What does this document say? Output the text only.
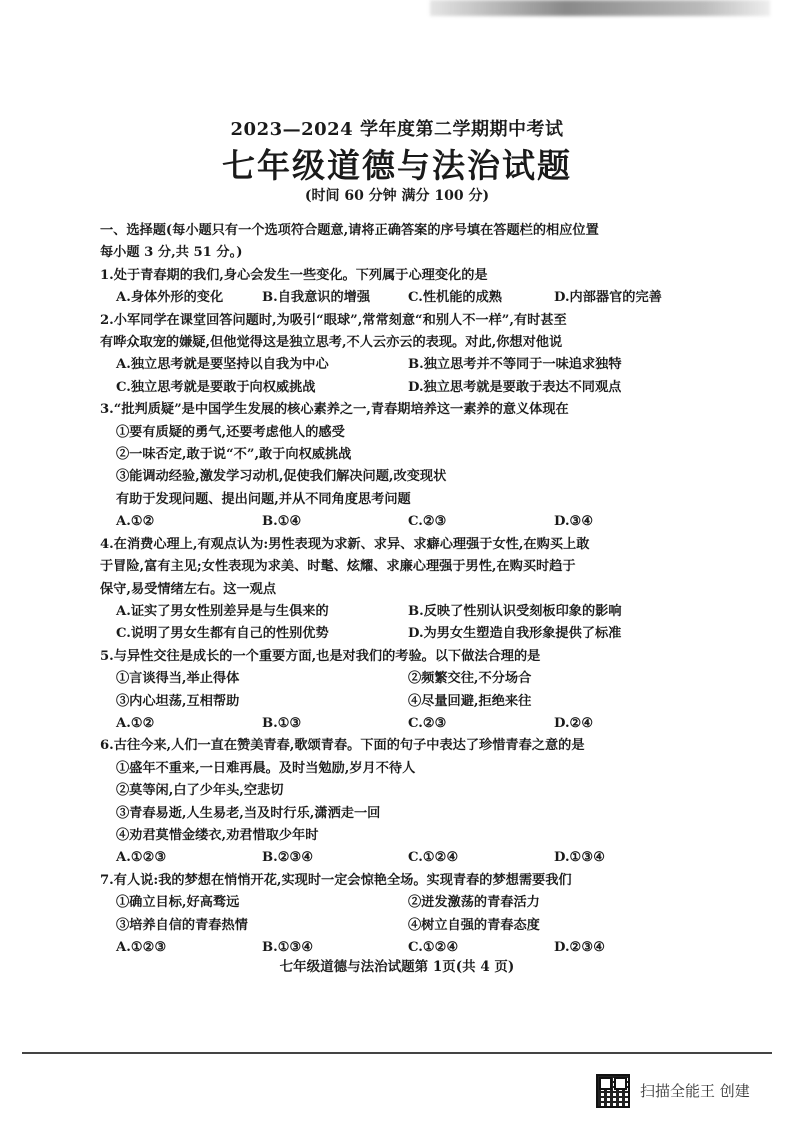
2023—2024 学年度第二学期期中考试
七年级道德与法治试题
(时间 60 分钟 满分 100 分)

一、选择题(每小题只有一个选项符合题意,请将正确答案的序号填在答题栏的相应位置

每小题 3 分,共 51 分。)

1.处于青春期的我们,身心会发生一些变化。下列属于心理变化的是

A.身体外形的变化	B.自我意识的增强	C.性机能的成熟	D.内部器官的完善

2.小军同学在课堂回答问题时,为吸引“眼球”,常常刻意“和别人不一样”,有时甚至

有哗众取宠的嫌疑,但他觉得这是独立思考,不人云亦云的表现。对此,你想对他说

A.独立思考就是要坚持以自我为中心	B.独立思考并不等同于一味追求独特
C.独立思考就是要敢于向权威挑战	D.独立思考就是要敢于表达不同观点

3.“批判质疑”是中国学生发展的核心素养之一,青春期培养这一素养的意义体现在

①要有质疑的勇气,还要考虑他人的感受

②一味否定,敢于说“不”,敢于向权威挑战

③能调动经验,激发学习动机,促使我们解决问题,改变现状

有助于发现问题、提出问题,并从不同角度思考问题

A.①②	B.①④	C.②③	D.③④

4.在消费心理上,有观点认为:男性表现为求新、求异、求癖心理强于女性,在购买上敢

于冒险,富有主见;女性表现为求美、时髦、炫耀、求廉心理强于男性,在购买时趋于

保守,易受情绪左右。这一观点

A.证实了男女性别差异是与生俱来的	B.反映了性别认识受刻板印象的影响
C.说明了男女生都有自己的性别优势	D.为男女生塑造自我形象提供了标准

5.与异性交往是成长的一个重要方面,也是对我们的考验。以下做法合理的是

①言谈得当,举止得体	②频繁交往,不分场合
③内心坦荡,互相帮助	④尽量回避,拒绝来往
A.①②	B.①③	C.②③	D.②④

6.古往今来,人们一直在赞美青春,歌颂青春。下面的句子中表达了珍惜青春之意的是

①盛年不重来,一日难再晨。及时当勉励,岁月不待人

②莫等闲,白了少年头,空悲切

③青春易逝,人生易老,当及时行乐,潇洒走一回

④劝君莫惜金缕衣,劝君惜取少年时

A.①②③	B.②③④	C.①②④	D.①③④

7.有人说:我的梦想在悄悄开花,实现时一定会惊艳全场。实现青春的梦想需要我们

①确立目标,好高骛远	②迸发激荡的青春活力
③培养自信的青春热情	④树立自强的青春态度
A.①②③	B.①③④	C.①②④	D.②③④
七年级道德与法治试题第 1页(共 4 页)
扫描全能王 创建
